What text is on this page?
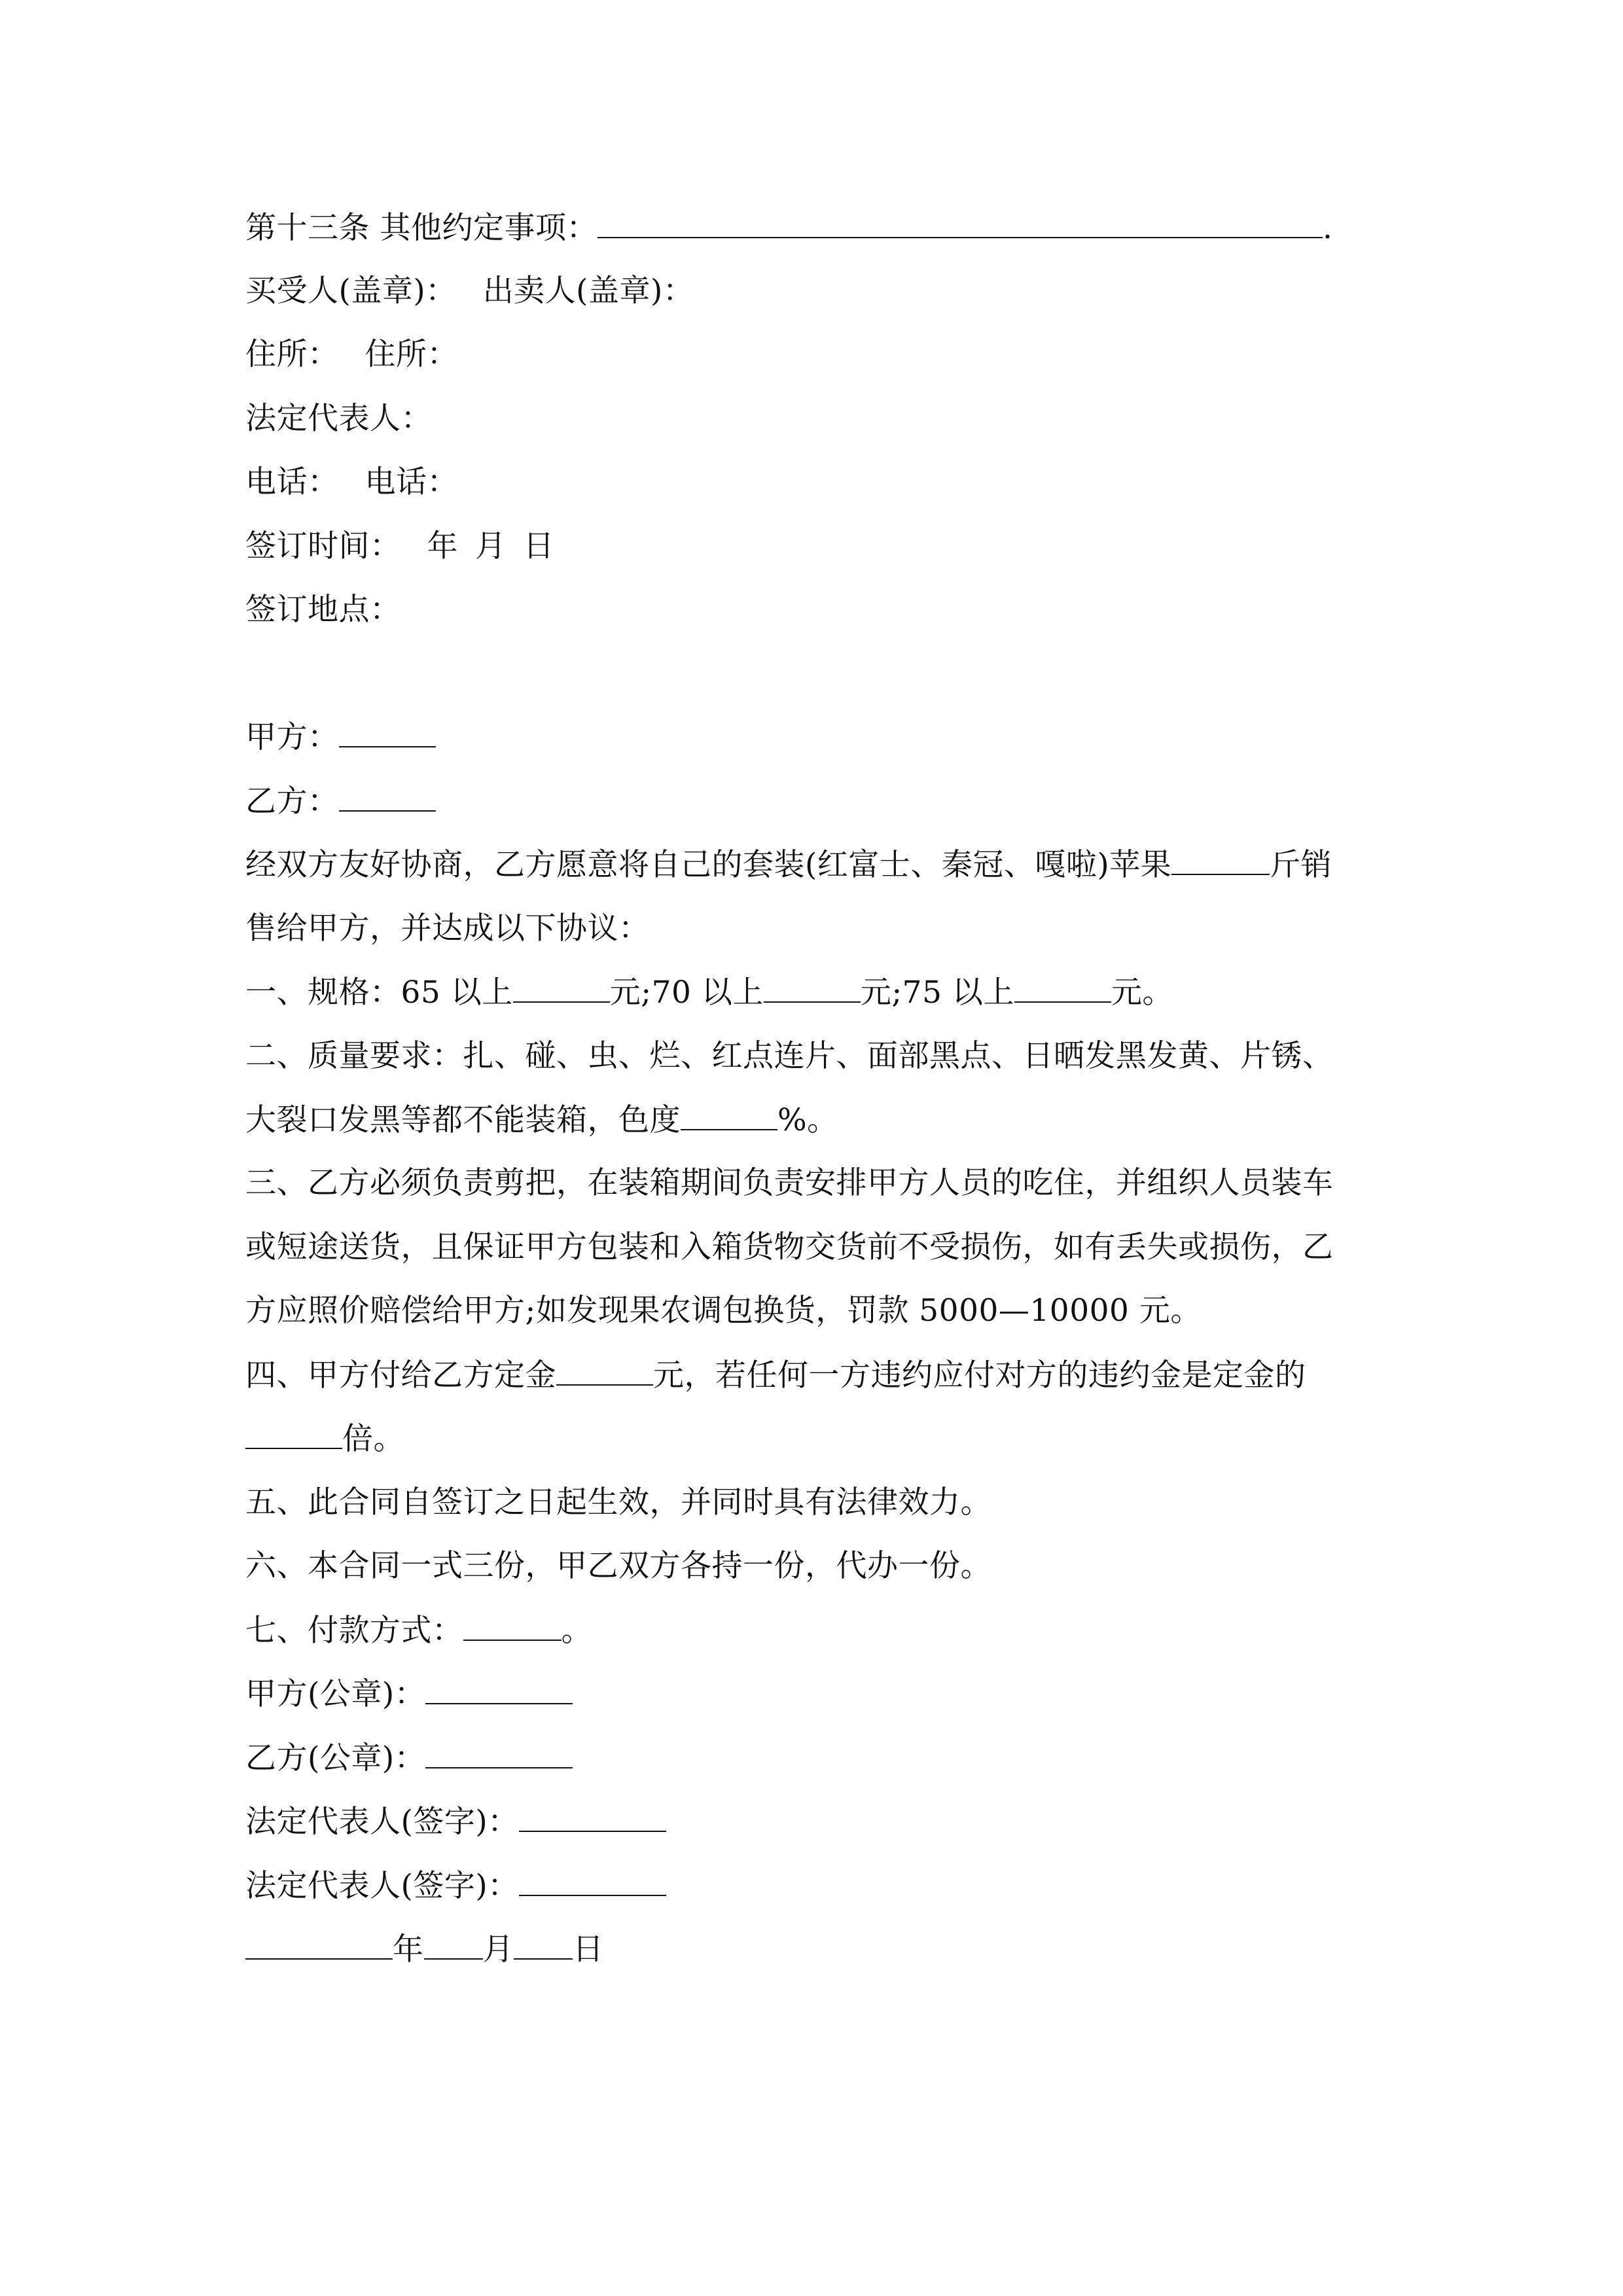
第十三条 其他约定事项：	.
买受人(盖章)： 出卖人(盖章)：
住所： 住所：
法定代表人：
电话： 电话：
签订时间： 年 月 日
签订地点：
甲方：
乙方：
经双方友好协商，乙方愿意将自己的套装(红富士、秦冠、嘎啦)苹果	斤销
售给甲方，并达成以下协议：
一、规格：65 以上	元;70 以上	元;75 以上	元。
二、质量要求：扎、碰、虫、烂、红点连片、面部黑点、日晒发黑发黄、片锈、
大裂口发黑等都不能装箱，色度	%。
三、乙方必须负责剪把，在装箱期间负责安排甲方人员的吃住，并组织人员装车
或短途送货，且保证甲方包装和入箱货物交货前不受损伤，如有丢失或损伤，乙
方应照价赔偿给甲方;如发现果农调包换货，罚款 5000—10000 元。
四、甲方付给乙方定金	元，若任何一方违约应付对方的违约金是定金的
倍。
五、此合同自签订之日起生效，并同时具有法律效力。
六、本合同一式三份，甲乙双方各持一份，代办一份。
七、付款方式：	。
甲方(公章)：
乙方(公章)：
法定代表人(签字)：
法定代表人(签字)：
年 月 日
